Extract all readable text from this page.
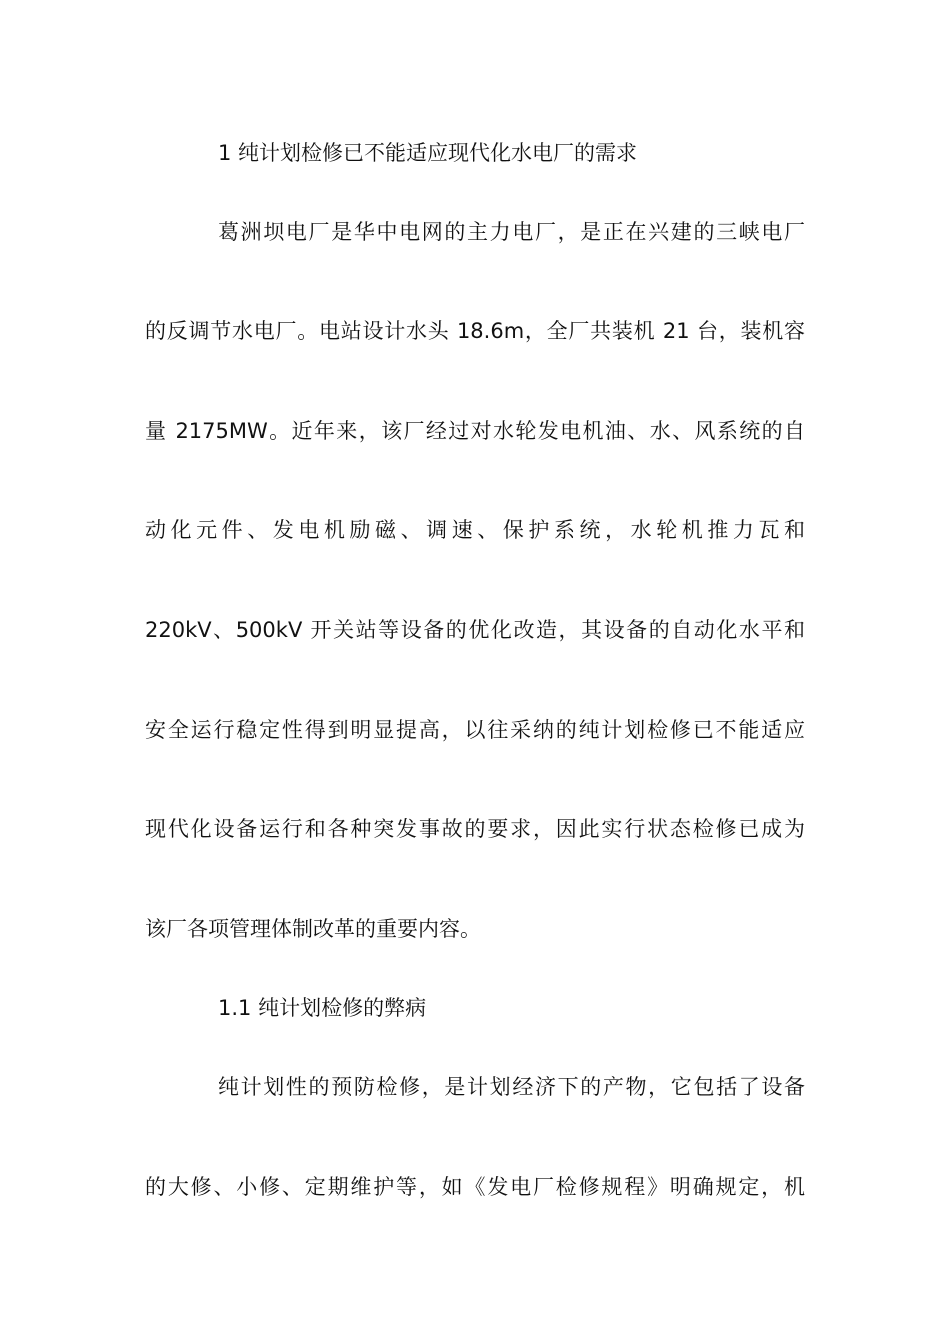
1 纯计划检修已不能适应现代化水电厂的需求
葛洲坝电厂是华中电网的主力电厂，是正在兴建的三峡电厂
的反调节水电厂。电站设计水头 18.6m，全厂共装机 21 台，装机容
量 2175MW。近年来，该厂经过对水轮发电机油、水、风系统的自
动化元件、发电机励磁、调速、保护系统，水轮机推力瓦和
220kV、500kV 开关站等设备的优化改造，其设备的自动化水平和
安全运行稳定性得到明显提高，以往采纳的纯计划检修已不能适应
现代化设备运行和各种突发事故的要求，因此实行状态检修已成为
该厂各项管理体制改革的重要内容。
1.1 纯计划检修的弊病
纯计划性的预防检修，是计划经济下的产物，它包括了设备
的大修、小修、定期维护等，如《发电厂检修规程》明确规定，机
